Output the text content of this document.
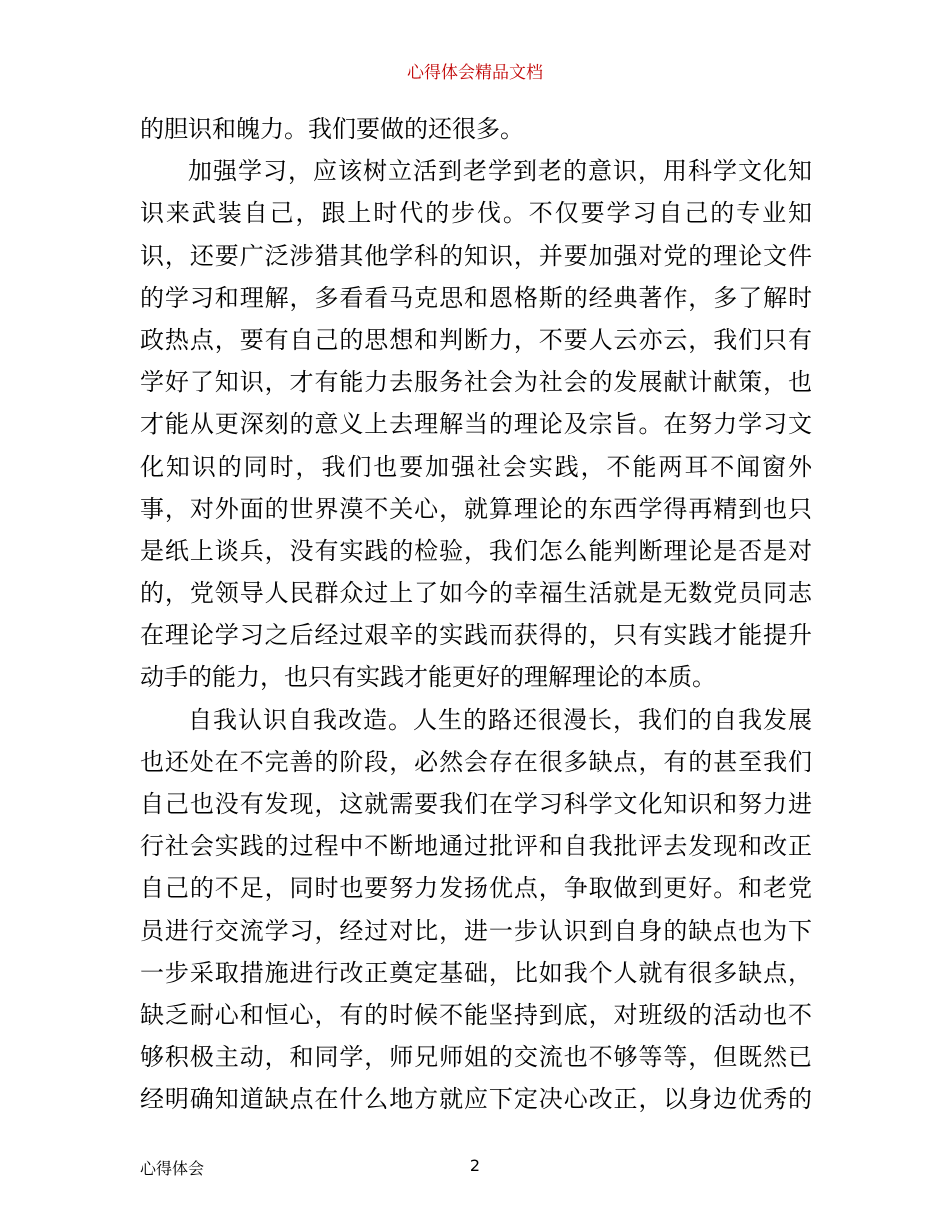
心得体会精品文档
的胆识和魄力。我们要做的还很多。
加强学习，应该树立活到老学到老的意识，用科学文化知
识来武装自己，跟上时代的步伐。不仅要学习自己的专业知
识，还要广泛涉猎其他学科的知识，并要加强对党的理论文件
的学习和理解，多看看马克思和恩格斯的经典著作，多了解时
政热点，要有自己的思想和判断力，不要人云亦云，我们只有
学好了知识，才有能力去服务社会为社会的发展献计献策，也
才能从更深刻的意义上去理解当的理论及宗旨。在努力学习文
化知识的同时，我们也要加强社会实践，不能两耳不闻窗外
事，对外面的世界漠不关心，就算理论的东西学得再精到也只
是纸上谈兵，没有实践的检验，我们怎么能判断理论是否是对
的，党领导人民群众过上了如今的幸福生活就是无数党员同志
在理论学习之后经过艰辛的实践而获得的，只有实践才能提升
动手的能力，也只有实践才能更好的理解理论的本质。
自我认识自我改造。人生的路还很漫长，我们的自我发展
也还处在不完善的阶段，必然会存在很多缺点，有的甚至我们
自己也没有发现，这就需要我们在学习科学文化知识和努力进
行社会实践的过程中不断地通过批评和自我批评去发现和改正
自己的不足，同时也要努力发扬优点，争取做到更好。和老党
员进行交流学习，经过对比，进一步认识到自身的缺点也为下
一步采取措施进行改正奠定基础，比如我个人就有很多缺点，
缺乏耐心和恒心，有的时候不能坚持到底，对班级的活动也不
够积极主动，和同学，师兄师姐的交流也不够等等，但既然已
经明确知道缺点在什么地方就应下定决心改正，以身边优秀的
心得体会	2
